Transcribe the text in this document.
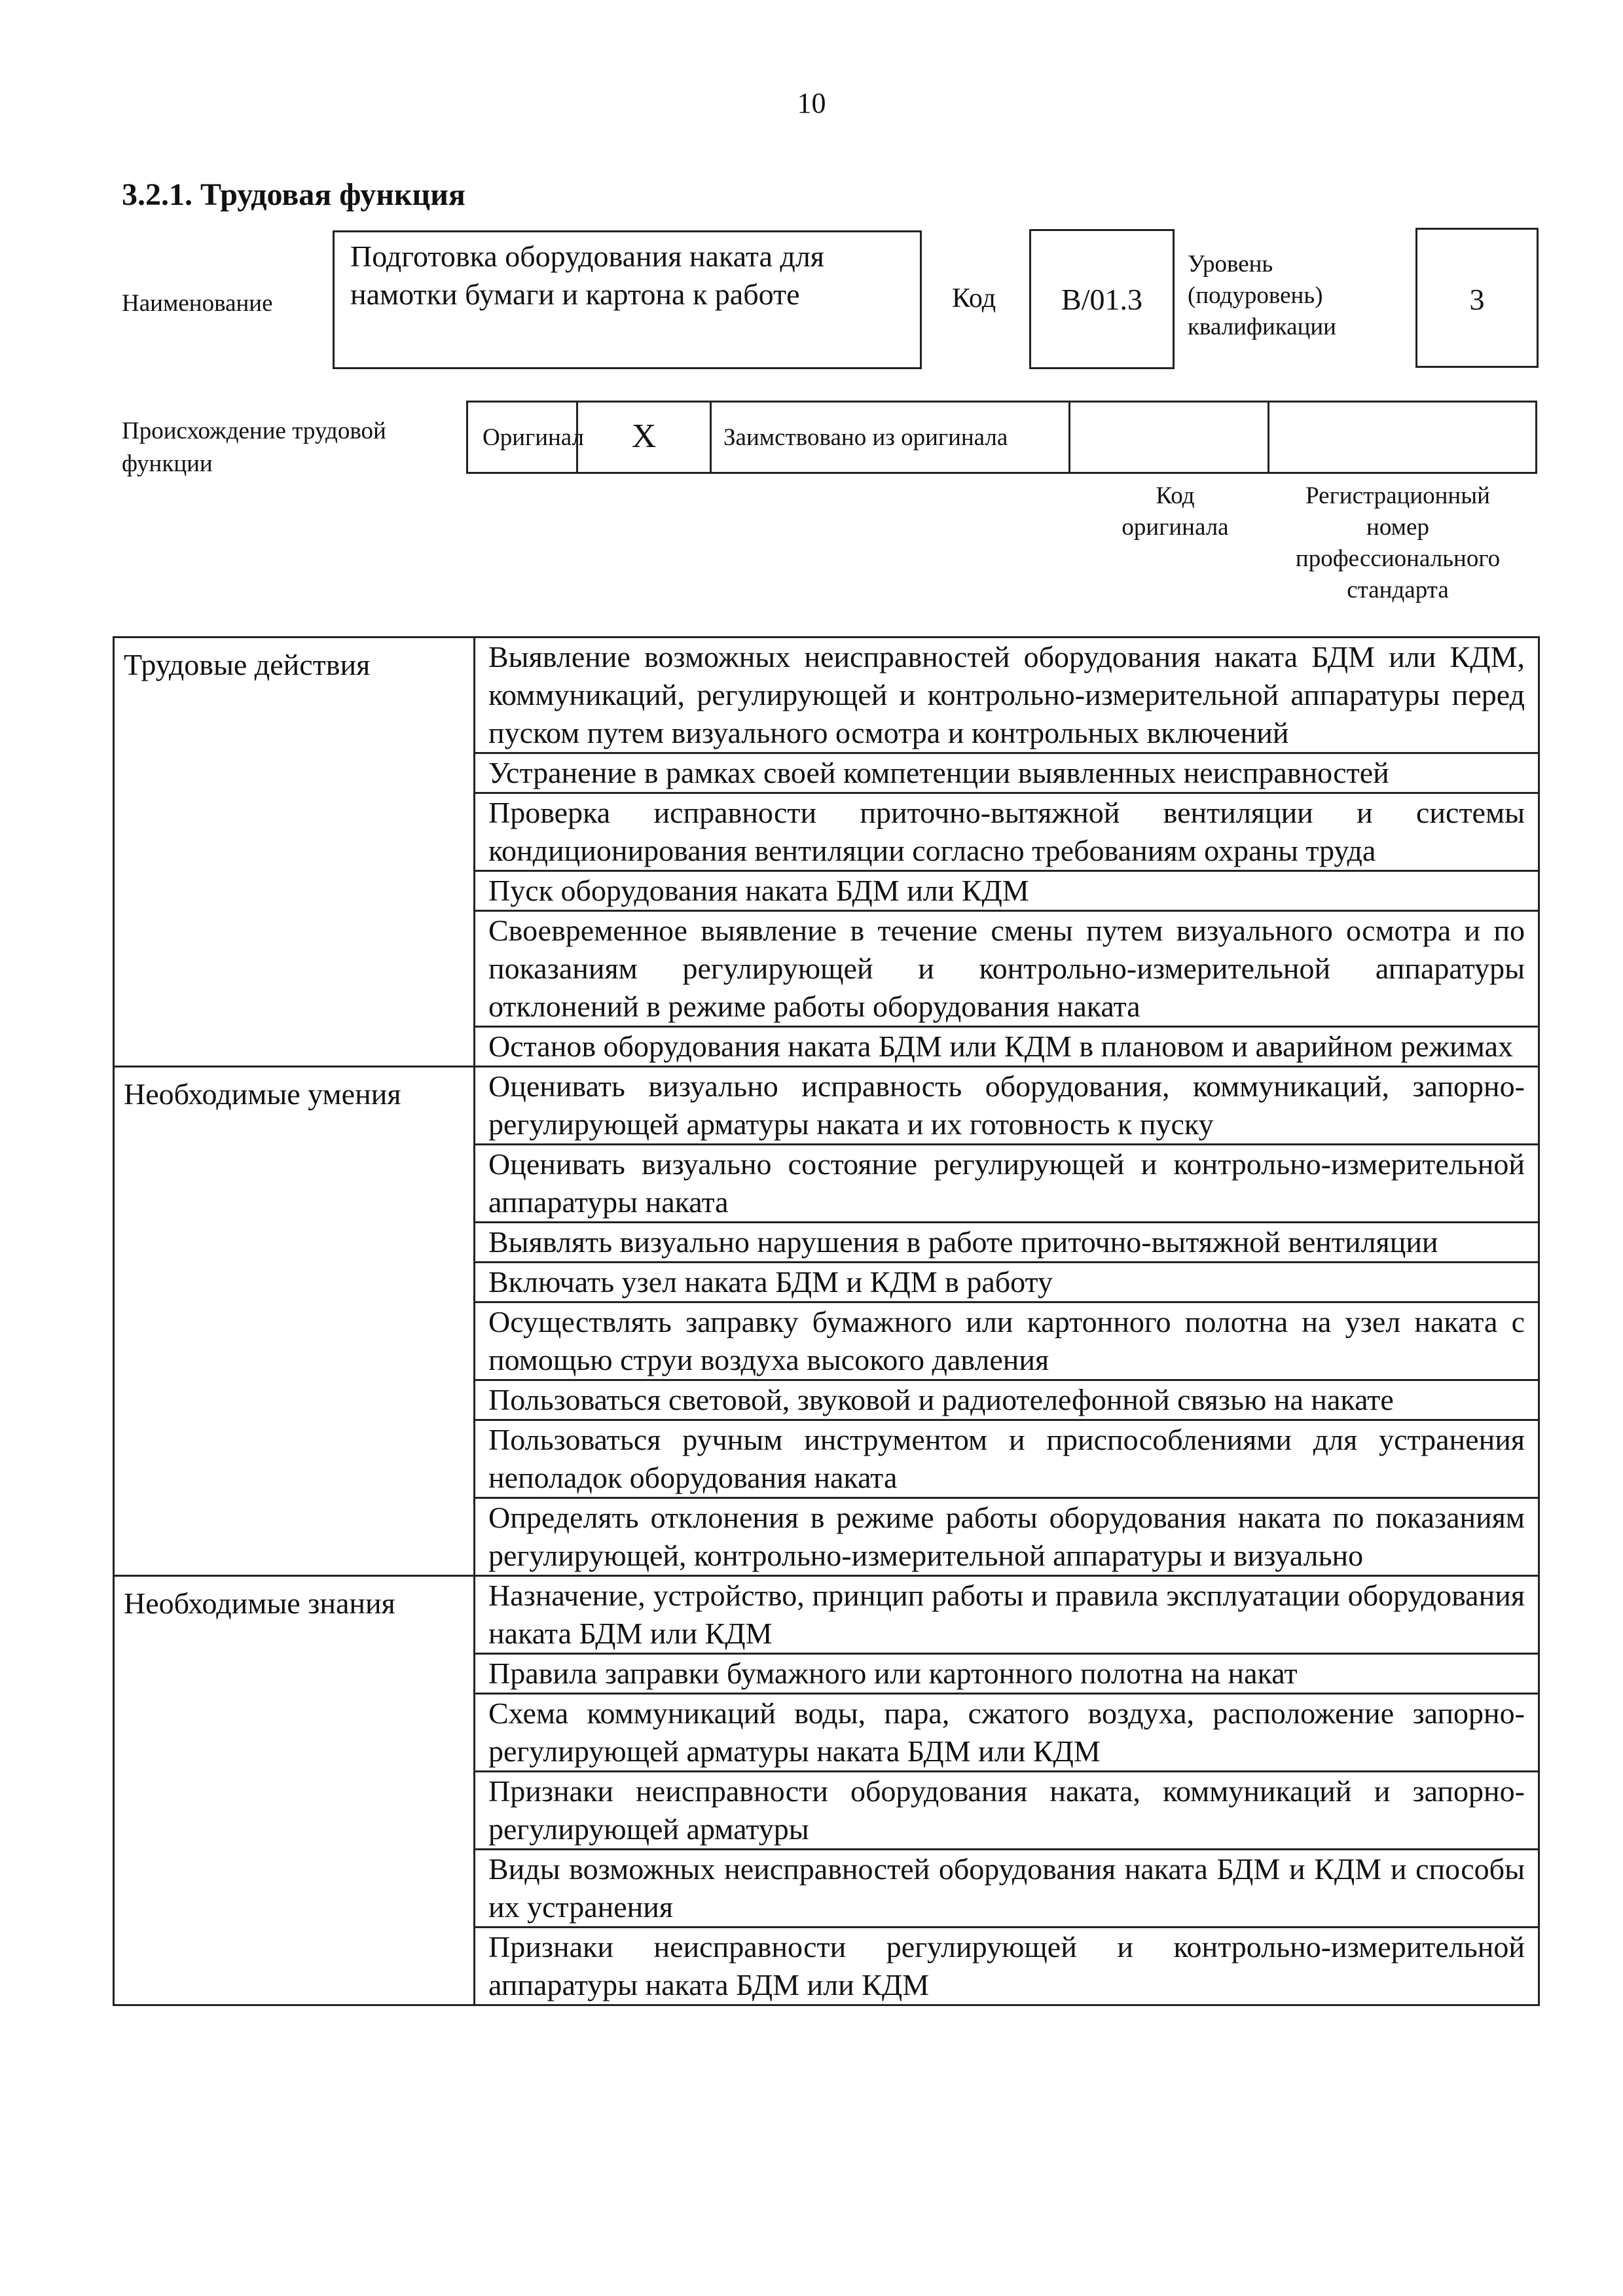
10
3.2.1. Трудовая функция
Наименование
Подготовка оборудования наката для намотки бумаги и картона к работе	Код	В/01.3
Уровень (подуровень) квалификации
3
Происхождение трудовой функции
Оригинал	Х	Заимствовано из оригинала
Код оригинала
Регистрационный номер профессионального стандарта
Трудовые действия	Выявление возможных неисправностей оборудования наката БДМ или КДМ, коммуникаций, регулирующей и контрольно-измерительной аппаратуры перед пуском путем визуального осмотра и контрольных включений
	Устранение в рамках своей компетенции выявленных неисправностей
	Проверка исправности приточно-вытяжной вентиляции и системы кондиционирования вентиляции согласно требованиям охраны труда
	Пуск оборудования наката БДМ или КДМ
	Своевременное выявление в течение смены путем визуального осмотра и по показаниям регулирующей и контрольно-измерительной аппаратуры отклонений в режиме работы оборудования наката
	Останов оборудования наката БДМ или КДМ в плановом и аварийном режимах
Необходимые умения	Оценивать визуально исправность оборудования, коммуникаций, запорно-регулирующей арматуры наката и их готовность к пуску
	Оценивать визуально состояние регулирующей и контрольно-измерительной аппаратуры наката
	Выявлять визуально нарушения в работе приточно-вытяжной вентиляции
	Включать узел наката БДМ и КДМ в работу
	Осуществлять заправку бумажного или картонного полотна на узел наката с помощью струи воздуха высокого давления
	Пользоваться световой, звуковой и радиотелефонной связью на накате
	Пользоваться ручным инструментом и приспособлениями для устранения неполадок оборудования наката
	Определять отклонения в режиме работы оборудования наката по показаниям регулирующей, контрольно-измерительной аппаратуры и визуально
Необходимые знания	Назначение, устройство, принцип работы и правила эксплуатации оборудования наката БДМ или КДМ
	Правила заправки бумажного или картонного полотна на накат
	Схема коммуникаций воды, пара, сжатого воздуха, расположение запорно-регулирующей арматуры наката БДМ или КДМ
	Признаки неисправности оборудования наката, коммуникаций и запорно-регулирующей арматуры
	Виды возможных неисправностей оборудования наката БДМ и КДМ и способы их устранения
	Признаки неисправности регулирующей и контрольно-измерительной аппаратуры наката БДМ или КДМ
